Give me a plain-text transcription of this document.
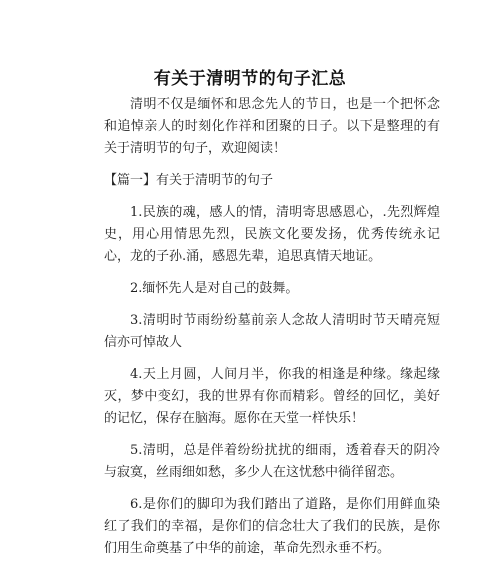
有关于清明节的句子汇总

清明不仅是缅怀和思念先人的节日，也是一个把怀念和追悼亲人的时刻化作祥和团聚的日子。以下是整理的有关于清明节的句子，欢迎阅读！

【篇一】有关于清明节的句子

1.民族的魂，感人的情，清明寄思感恩心，.先烈辉煌史，用心用情思先烈，民族文化要发扬，优秀传统永记心，龙的子孙.涌，感恩先辈，追思真情天地证。

2.缅怀先人是对自己的鼓舞。

3.清明时节雨纷纷墓前亲人念故人清明时节天晴亮短信亦可悼故人

4.天上月圆，人间月半，你我的相逢是种缘。缘起缘灭，梦中变幻，我的世界有你而精彩。曾经的回忆，美好的记忆，保存在脑海。愿你在天堂一样快乐！

5.清明，总是伴着纷纷扰扰的细雨，透着春天的阴冷与寂寞，丝雨细如愁，多少人在这忧愁中徜徉留恋。

6.是你们的脚印为我们踏出了道路，是你们用鲜血染红了我们的幸福，是你们的信念壮大了我们的民族，是你们用生命奠基了中华的前途，革命先烈永垂不朽。
